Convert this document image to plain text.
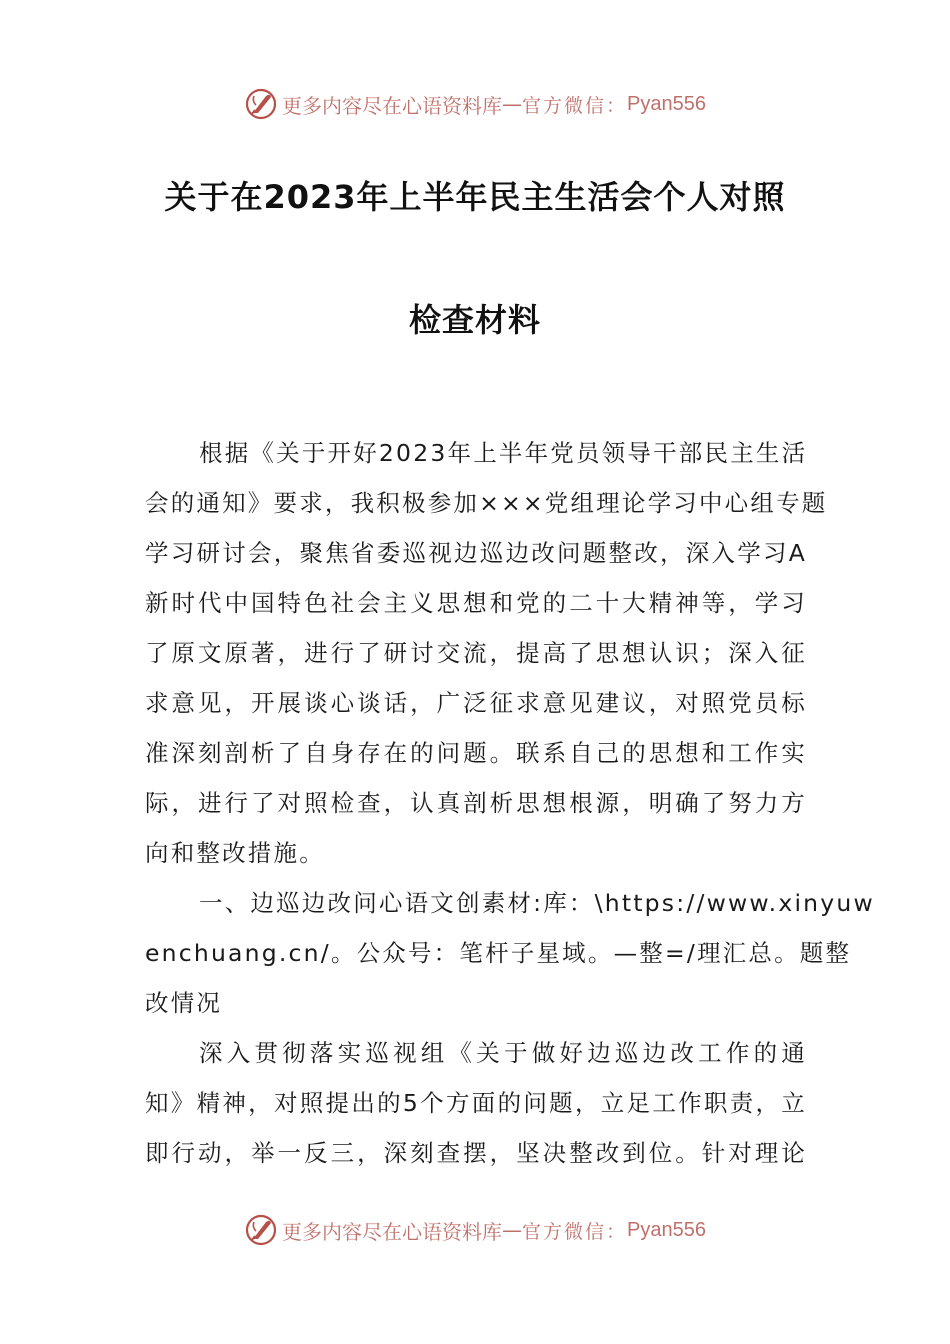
更多内容尽在心语资料库 — 官方微信： Pyan556
关于在2023年上半年民主生活会个人对照
检查材料
根据《关于开好2023年上半年党员领导干部民主生活
会的通知》要求，我积极参加×××党组理论学习中心组专题
学习研讨会，聚焦省委巡视边巡边改问题整改，深入学习A
新时代中国特色社会主义思想和党的二十大精神等，学习
了原文原著，进行了研讨交流，提高了思想认识；深入征
求意见，开展谈心谈话，广泛征求意见建议，对照党员标
准深刻剖析了自身存在的问题。联系自己的思想和工作实
际，进行了对照检查，认真剖析思想根源，明确了努力方
向和整改措施。
一、边巡边改问心语文创素材:库：\https://www.xinyuw
enchuang.cn/。公众号：笔杆子星域。—整=/理汇总。题整
改情况
深入贯彻落实巡视组《关于做好边巡边改工作的通
知》精神，对照提出的5个方面的问题，立足工作职责，立
即行动，举一反三，深刻查摆，坚决整改到位。针对理论
更多内容尽在心语资料库 — 官方微信： Pyan556
